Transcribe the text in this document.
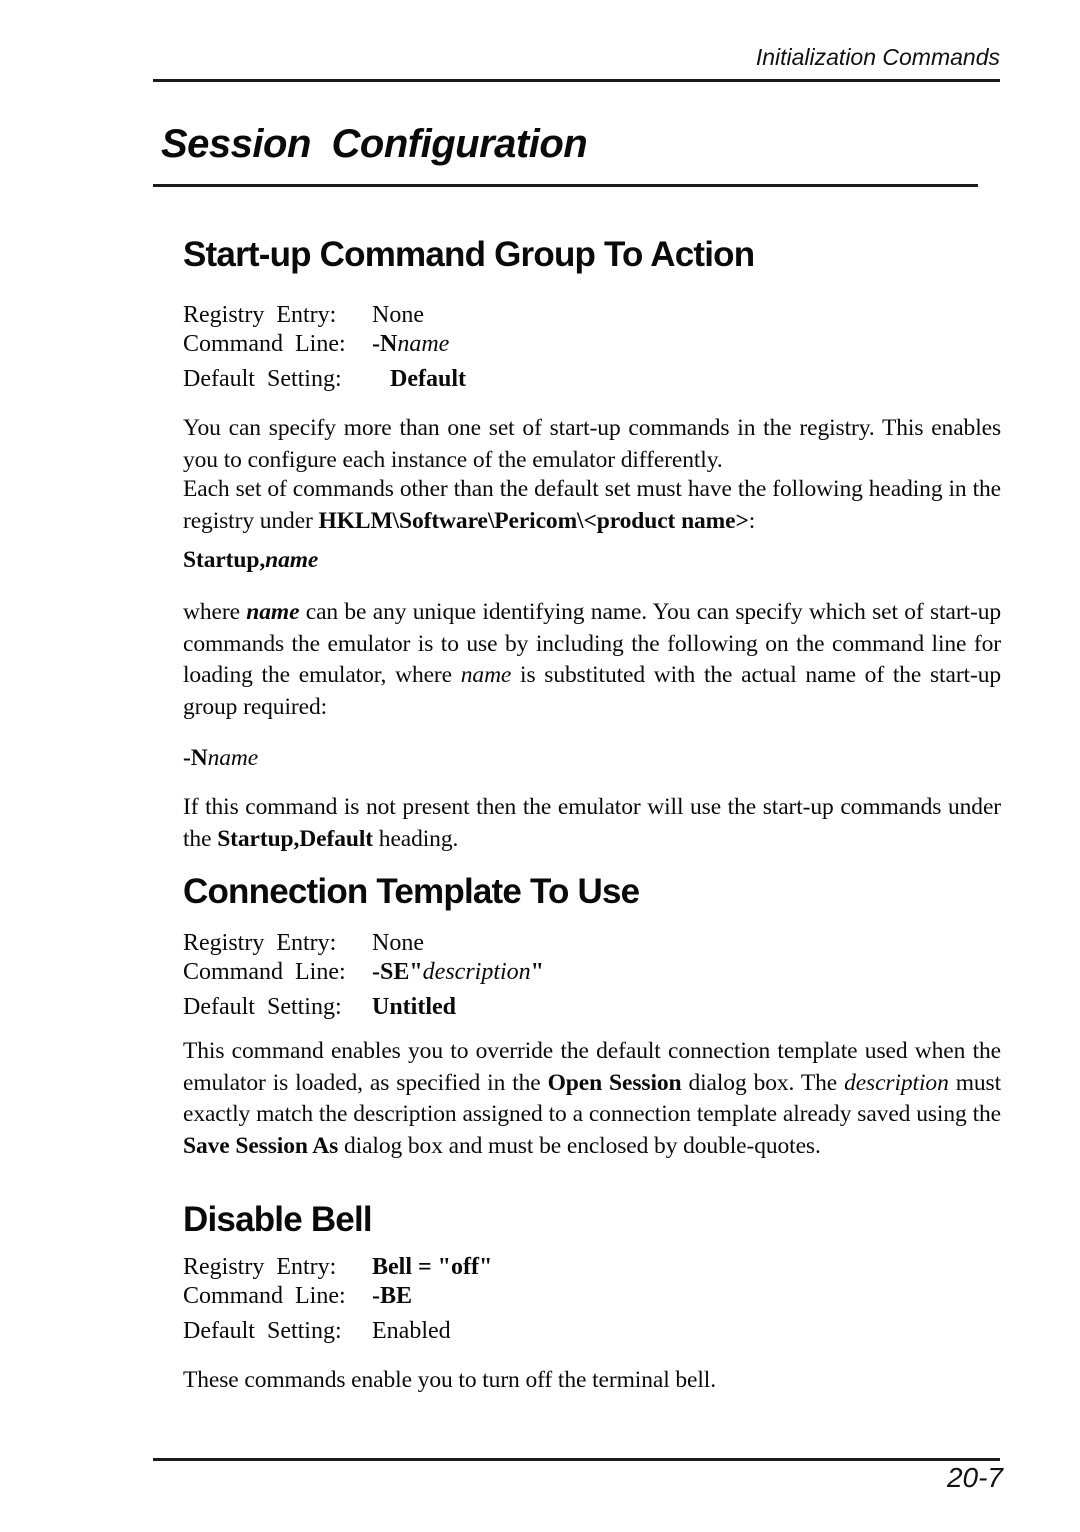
Initialization Commands
Session Configuration
Start-up Command Group To Action
Registry Entry:	None
Command Line:	-Nname
Default Setting:	Default

You can specify more than one set of start-up commands in the registry. This enables you to configure each instance of the emulator differently.

Each set of commands other than the default set must have the following heading in the registry under HKLM\Software\Pericom\<product name>:

Startup,name

where name can be any unique identifying name. You can specify which set of start-up commands the emulator is to use by including the following on the command line for loading the emulator, where name is substituted with the actual name of the start-up group required:

-Nname

If this command is not present then the emulator will use the start-up commands under the Startup,Default heading.

Connection Template To Use
Registry Entry:	None
Command Line:	-SE"description"
Default Setting:	Untitled

This command enables you to override the default connection template used when the emulator is loaded, as specified in the Open Session dialog box. The description must exactly match the description assigned to a connection template already saved using the Save Session As dialog box and must be enclosed by double-quotes.

Disable Bell
Registry Entry:	Bell = "off"
Command Line:	-BE
Default Setting:	Enabled

These commands enable you to turn off the terminal bell.

20-7
